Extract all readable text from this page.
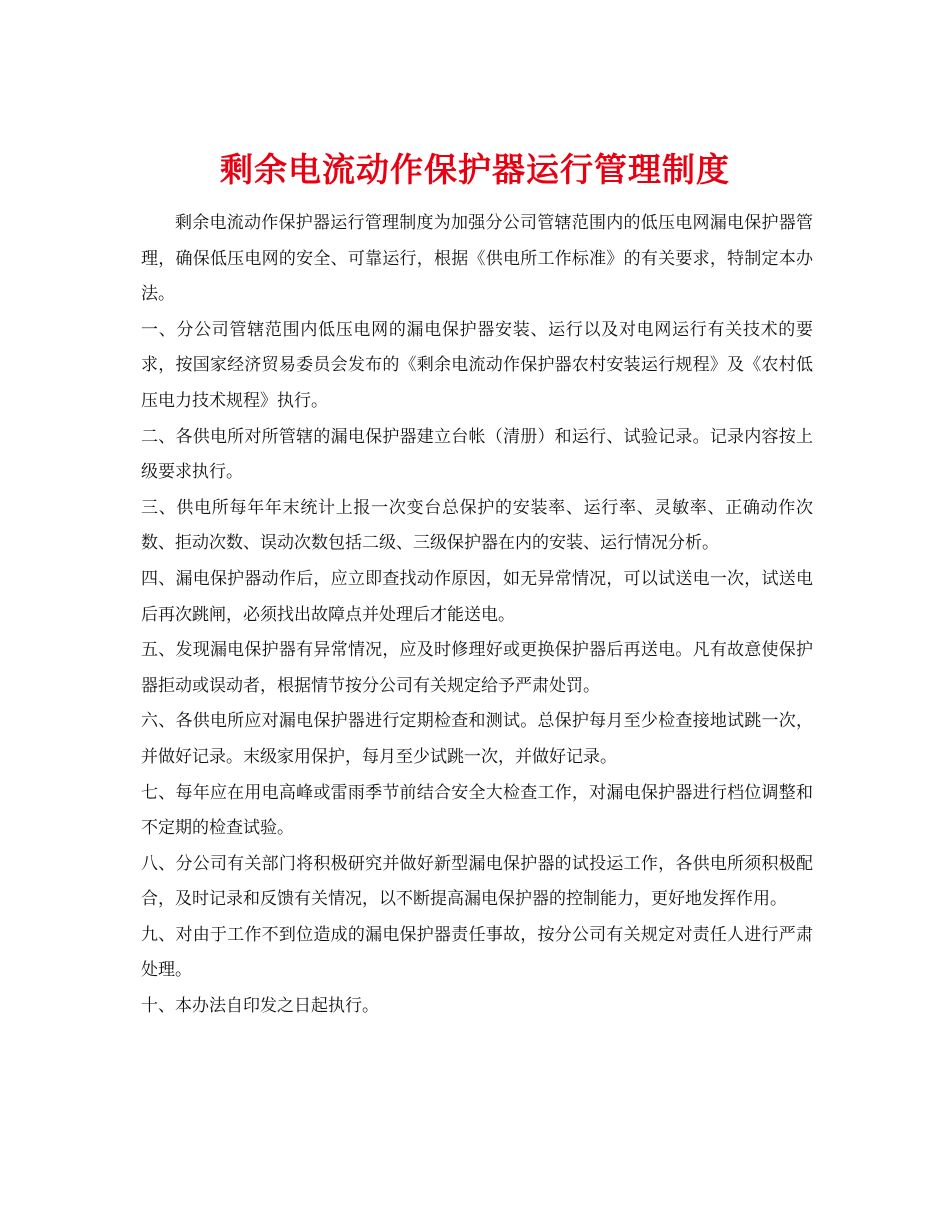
剩余电流动作保护器运行管理制度

剩余电流动作保护器运行管理制度为加强分公司管辖范围内的低压电网漏电保护器管理，确保低压电网的安全、可靠运行，根据《供电所工作标准》的有关要求，特制定本办法。

一、分公司管辖范围内低压电网的漏电保护器安装、运行以及对电网运行有关技术的要求，按国家经济贸易委员会发布的《剩余电流动作保护器农村安装运行规程》及《农村低压电力技术规程》执行。

二、各供电所对所管辖的漏电保护器建立台帐（清册）和运行、试验记录。记录内容按上级要求执行。

三、供电所每年年末统计上报一次变台总保护的安装率、运行率、灵敏率、正确动作次数、拒动次数、误动次数包括二级、三级保护器在内的安装、运行情况分析。

四、漏电保护器动作后，应立即查找动作原因，如无异常情况，可以试送电一次，试送电后再次跳闸，必须找出故障点并处理后才能送电。

五、发现漏电保护器有异常情况，应及时修理好或更换保护器后再送电。凡有故意使保护器拒动或误动者，根据情节按分公司有关规定给予严肃处罚。

六、各供电所应对漏电保护器进行定期检查和测试。总保护每月至少检查接地试跳一次，并做好记录。末级家用保护，每月至少试跳一次，并做好记录。

七、每年应在用电高峰或雷雨季节前结合安全大检查工作，对漏电保护器进行档位调整和不定期的检查试验。

八、分公司有关部门将积极研究并做好新型漏电保护器的试投运工作，各供电所须积极配合，及时记录和反馈有关情况，以不断提高漏电保护器的控制能力，更好地发挥作用。

九、对由于工作不到位造成的漏电保护器责任事故，按分公司有关规定对责任人进行严肃处理。

十、本办法自印发之日起执行。
